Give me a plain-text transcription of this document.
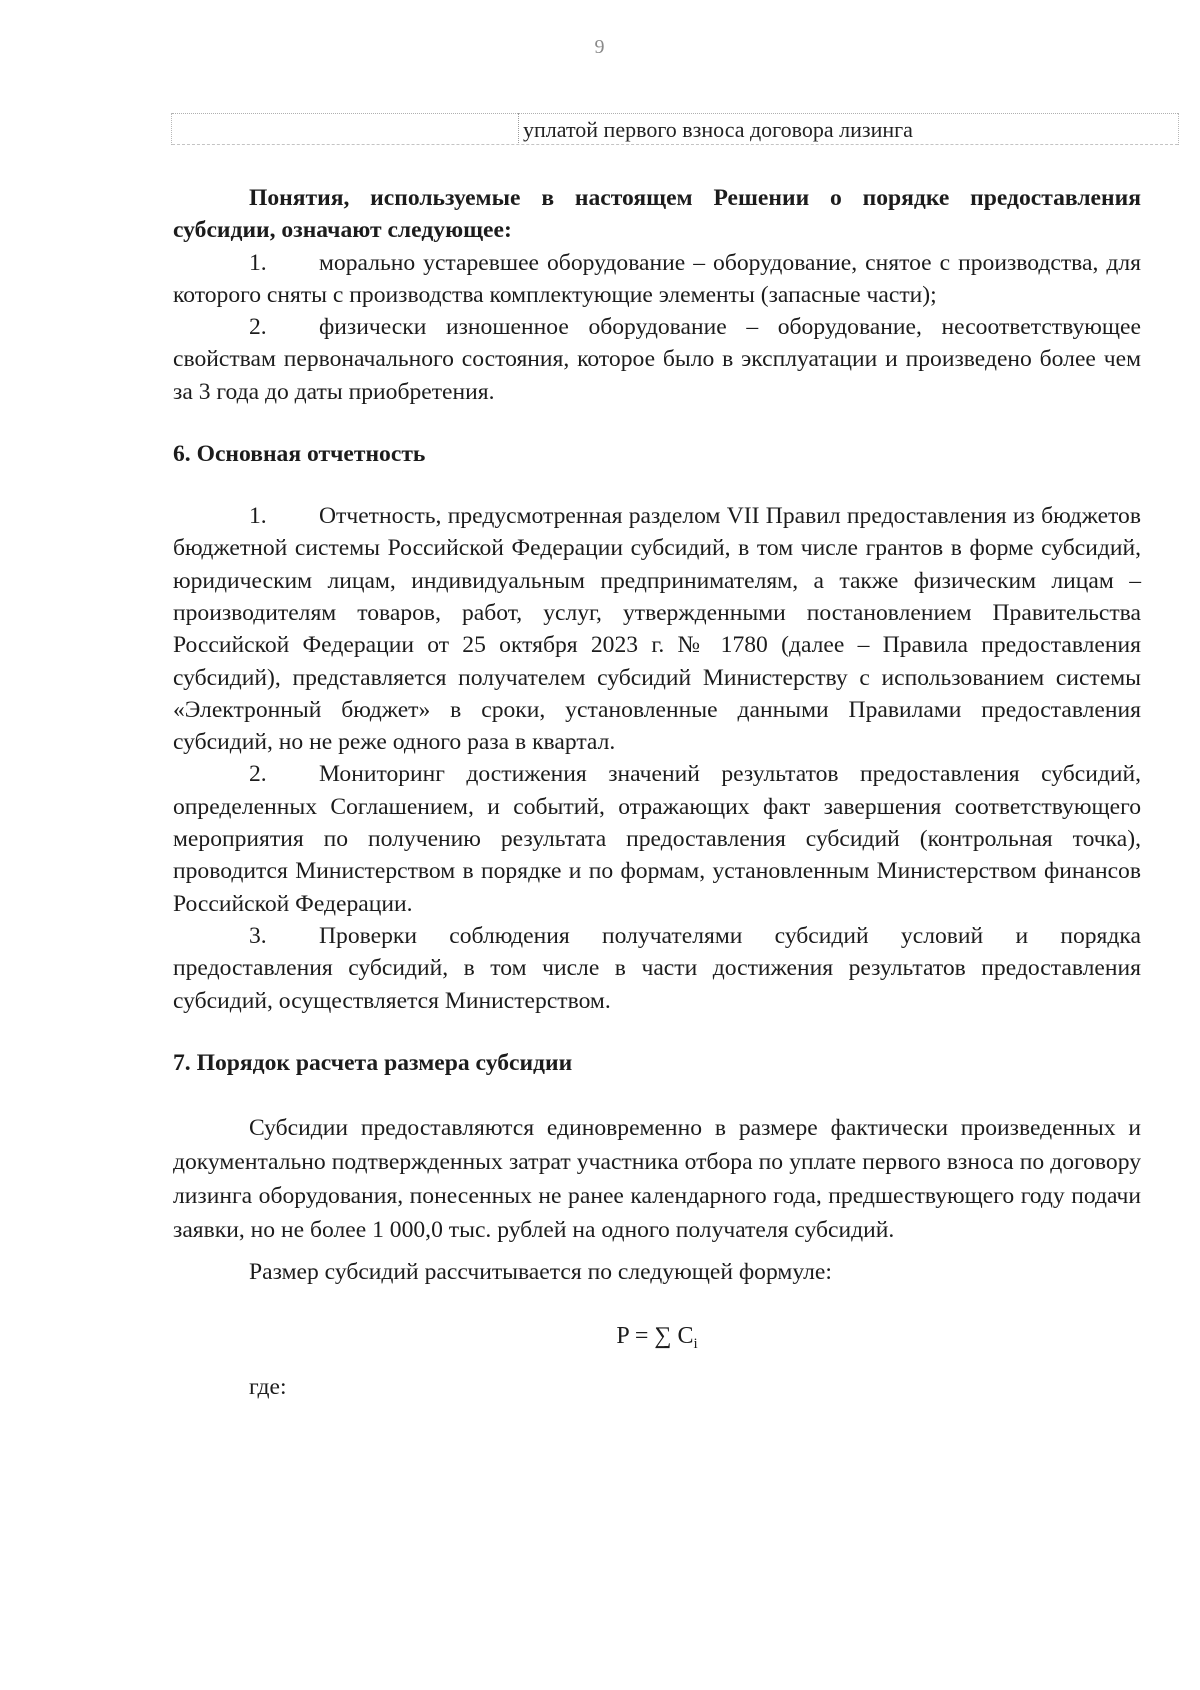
9
уплатой первого взноса договора лизинга

Понятия, используемые в настоящем Решении о порядке предоставления субсидии, означают следующее:

1. морально устаревшее оборудование – оборудование, снятое с производства, для которого сняты с производства комплектующие элементы (запасные части);

2. физически изношенное оборудование – оборудование, несоответствующее свойствам первоначального состояния, которое было в эксплуатации и произведено более чем за 3 года до даты приобретения.

6. Основная отчетность

1. Отчетность, предусмотренная разделом VII Правил предоставления из бюджетов бюджетной системы Российской Федерации субсидий, в том числе грантов в форме субсидий, юридическим лицам, индивидуальным предпринимателям, а также физическим лицам – производителям товаров, работ, услуг, утвержденными постановлением Правительства Российской Федерации от 25 октября 2023 г. № 1780 (далее – Правила предоставления субсидий), представляется получателем субсидий Министерству с использованием системы «Электронный бюджет» в сроки, установленные данными Правилами предоставления субсидий, но не реже одного раза в квартал.

2. Мониторинг достижения значений результатов предоставления субсидий, определенных Соглашением, и событий, отражающих факт завершения соответствующего мероприятия по получению результата предоставления субсидий (контрольная точка), проводится Министерством в порядке и по формам, установленным Министерством финансов Российской Федерации.

3. Проверки соблюдения получателями субсидий условий и порядка предоставления субсидий, в том числе в части достижения результатов предоставления субсидий, осуществляется Министерством.

7. Порядок расчета размера субсидии

Субсидии предоставляются единовременно в размере фактически произведенных и документально подтвержденных затрат участника отбора по уплате первого взноса по договору лизинга оборудования, понесенных не ранее календарного года, предшествующего году подачи заявки, но не более 1 000,0 тыс. рублей на одного получателя субсидий.

Размер субсидий рассчитывается по следующей формуле:

P = ∑ $C_i$

где:
